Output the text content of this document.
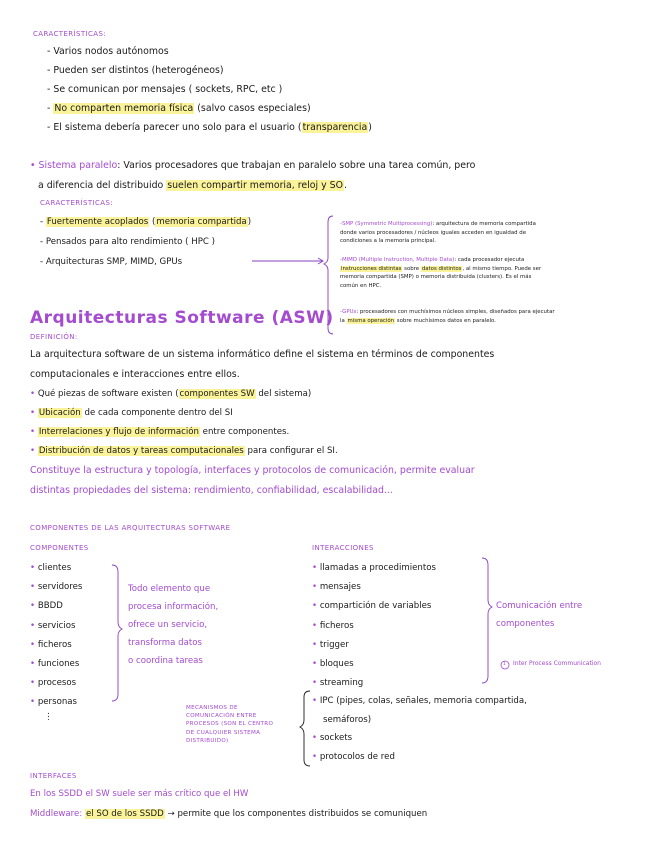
CARACTERÍSTICAS:
- Varios nodos autónomos
- Pueden ser distintos (heterogéneos)
- Se comunican por mensajes ( sockets, RPC, etc )
- No comparten memoria física (salvo casos especiales)
- El sistema debería parecer uno solo para el usuario (transparencia)
• Sistema paralelo: Varios procesadores que trabajan en paralelo sobre una tarea común, pero
a diferencia del distribuido suelen compartir memoria, reloj y SO.
CARACTERÍSTICAS:
- Fuertemente acoplados (memoria compartida)
- Pensados para alto rendimiento ( HPC )
- Arquitecturas SMP, MIMD, GPUs
-SMP (Symmetric Multiprocessing): arquitectura de memoria compartida
donde varios procesadores / núcleos iguales acceden en igualdad de
condiciones a la memoria principal.
-MIMD (Multiple Instruction, Multiple Data): cada procesador ejecuta
instrucciones distintas sobre datos distintos, al mismo tiempo. Puede ser
memoria compartida (SMP) o memoria distribuida (clusters). Es el más
común en HPC.
-GPUs: procesadores con muchísimos núcleos simples, diseñados para ejecutar
la misma operación sobre muchísimos datos en paralelo.
Arquitecturas Software (ASW)
DEFINICIÓN:
La arquitectura software de un sistema informático define el sistema en términos de componentes
computacionales e interacciones entre ellos.
• Qué piezas de software existen (componentes SW del sistema)
• Ubicación de cada componente dentro del SI
• Interrelaciones y flujo de información entre componentes.
• Distribución de datos y tareas computacionales para configurar el SI.
Constituye la estructura y topología, interfaces y protocolos de comunicación, permite evaluar
distintas propiedades del sistema: rendimiento, confiabilidad, escalabilidad...
COMPONENTES DE LAS ARQUITECTURAS SOFTWARE
COMPONENTES
• clientes
• servidores
• BBDD
• servicios
• ficheros
• funciones
• procesos
• personas
⋮
Todo elemento que
procesa información,
ofrece un servicio,
transforma datos
o coordina tareas
INTERACCIONES
• llamadas a procedimientos
• mensajes
• compartición de variables
• ficheros
• trigger
• bloques
• streaming
Comunicación entre
componentes
1 Inter Process Communication
• IPC (pipes, colas, señales, memoria compartida,
semáforos)
• sockets
• protocolos de red
MECANISMOS DE
COMUNICACIÓN ENTRE
PROCESOS (SON EL CENTRO
DE CUALQUIER SISTEMA
DISTRIBUIDO)
INTERFACES
En los SSDD el SW suele ser más crítico que el HW
Middleware: el SO de los SSDD → permite que los componentes distribuidos se comuniquen
